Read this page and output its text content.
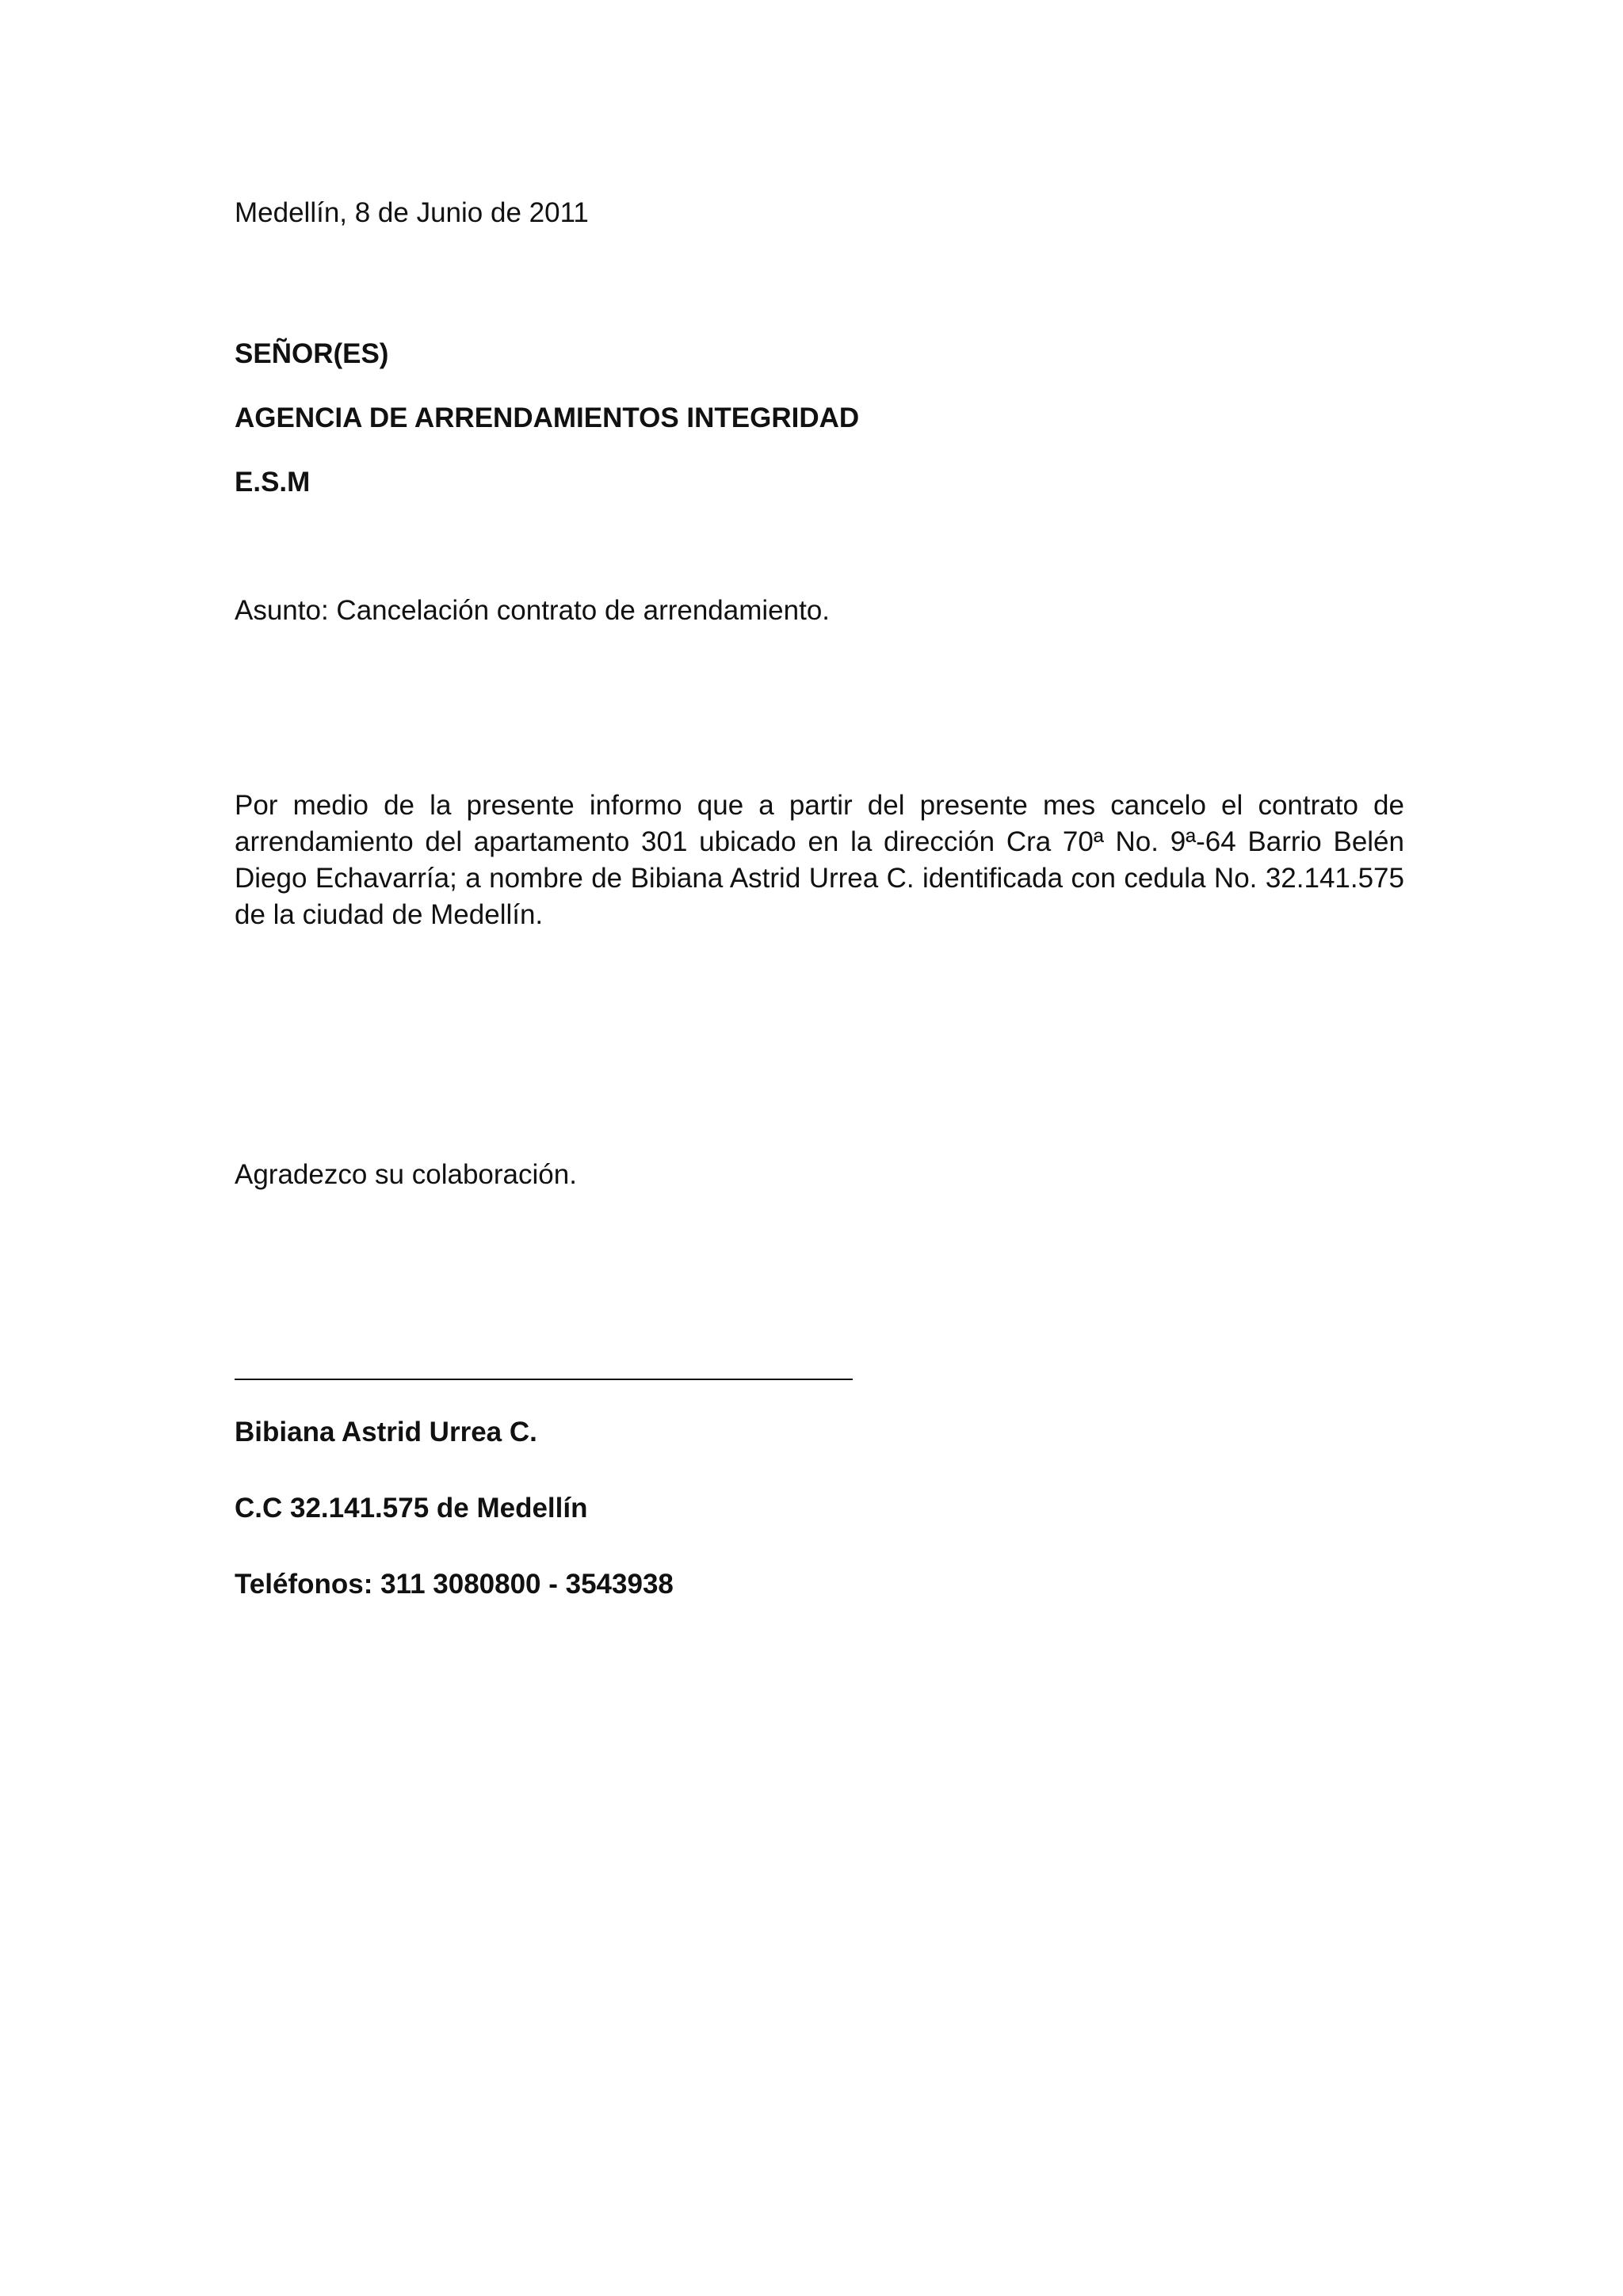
Medellín, 8 de Junio de 2011

SEÑOR(ES)

AGENCIA DE ARRENDAMIENTOS INTEGRIDAD

E.S.M

Asunto: Cancelación contrato de arrendamiento.

Por medio de la presente informo que a partir del presente mes cancelo el contrato de arrendamiento del apartamento 301 ubicado en la dirección Cra 70ª No. 9ª-64 Barrio Belén Diego Echavarría; a nombre de Bibiana Astrid Urrea C. identificada con cedula No. 32.141.575 de la ciudad de Medellín.

Agradezco su colaboración.

Bibiana Astrid Urrea C.

C.C 32.141.575 de Medellín

Teléfonos: 311 3080800 - 3543938
